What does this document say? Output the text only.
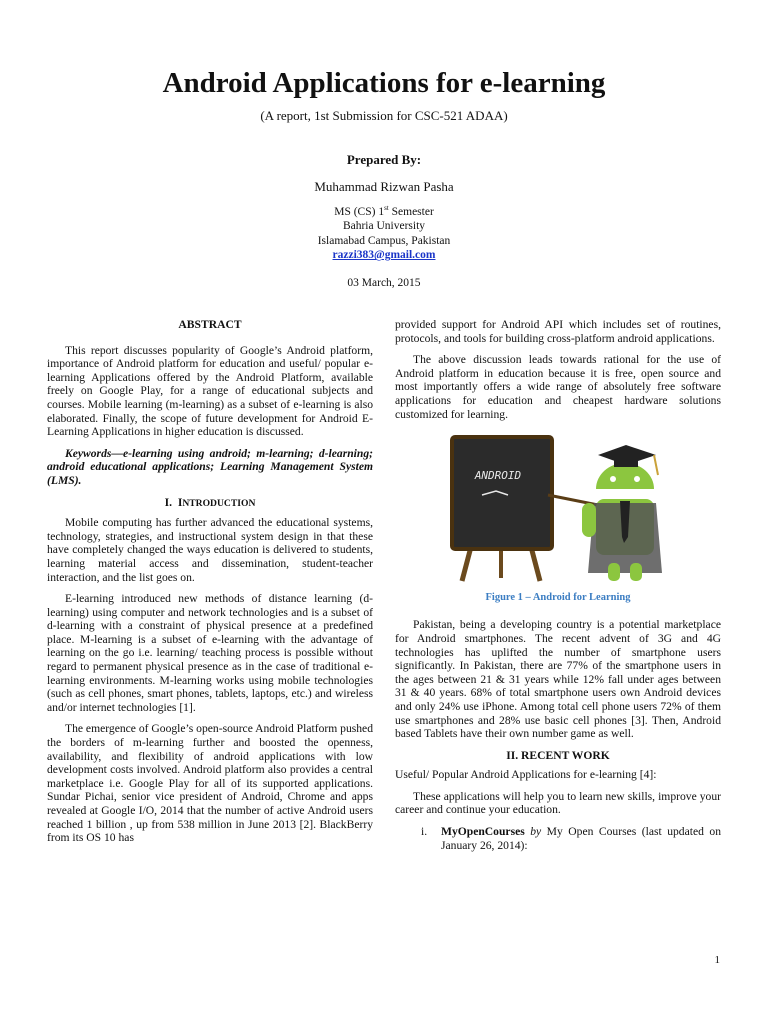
Android Applications for e-learning
(A report, 1st Submission for CSC-521 ADAA)
Prepared By:
Muhammad Rizwan Pasha
MS (CS) 1st Semester
Bahria University
Islamabad Campus, Pakistan
razzi383@gmail.com
03 March, 2015
ABSTRACT

This report discusses popularity of Google’s Android platform, importance of Android platform for education and useful/ popular e-learning Applications offered by the Android Platform, available freely on Google Play, for a range of educational subjects and courses. Mobile learning (m-learning) as a subset of e-learning is also elaborated. Finally, the scope of future development for Android E-Learning Applications in higher education is discussed.

Keywords—e-learning using android; m-learning; d-learning; android educational applications; Learning Management System (LMS).

I. INTRODUCTION

Mobile computing has further advanced the educational systems, technology, strategies, and instructional system design in that these have completely changed the ways education is delivered to students, learning material access and dissemination, student-teacher interaction, and the list goes on.

E-learning introduced new methods of distance learning (d-learning) using computer and network technologies and is a subset of d-learning with a constraint of physical presence at a predefined place. M-learning is a subset of e-learning with the advantage of learning on the go i.e. learning/ teaching process is possible without regard to permanent physical presence as in the case of traditional e-learning environments. M-learning works using mobile technologies (such as cell phones, smart phones, tablets, laptops, etc.) and wireless and/or internet technologies [1].

The emergence of Google’s open-source Android Platform pushed the borders of m-learning further and boosted the openness, availability, and flexibility of android applications with low development costs involved. Android platform also provides a central marketplace i.e. Google Play for all of its supported applications. Sundar Pichai, senior vice president of Android, Chrome and apps revealed at Google I/O, 2014 that the number of active Android users reached 1 billion , up from 538 million in June 2013 [2]. BlackBerry from its OS 10 has

provided support for Android API which includes set of routines, protocols, and tools for building cross-platform android applications.

The above discussion leads towards rational for the use of Android platform in education because it is free, open source and most importantly offers a wide range of absolutely free software applications for education and cheapest hardware solutions customized for learning.

ANDROID
Figure 1 – Android for Learning

Pakistan, being a developing country is a potential marketplace for Android smartphones. The recent advent of 3G and 4G technologies has uplifted the number of smartphone users significantly. In Pakistan, there are 77% of the smartphone users in the ages between 21 & 31 years while 12% fall under ages between 31 & 40 years. 68% of total smartphone users own Android devices and only 24% use iPhone. Among total cell phone users 72% of them use smartphones and 28% use basic cell phones [3]. Then, Android based Tablets have their own number game as well.

II. RECENT WORK

Useful/ Popular Android Applications for e-learning [4]:

These applications will help you to learn new skills, improve your career and continue your education.

i.	MyOpenCourses by My Open Courses (last updated on January 26, 2014):
1
